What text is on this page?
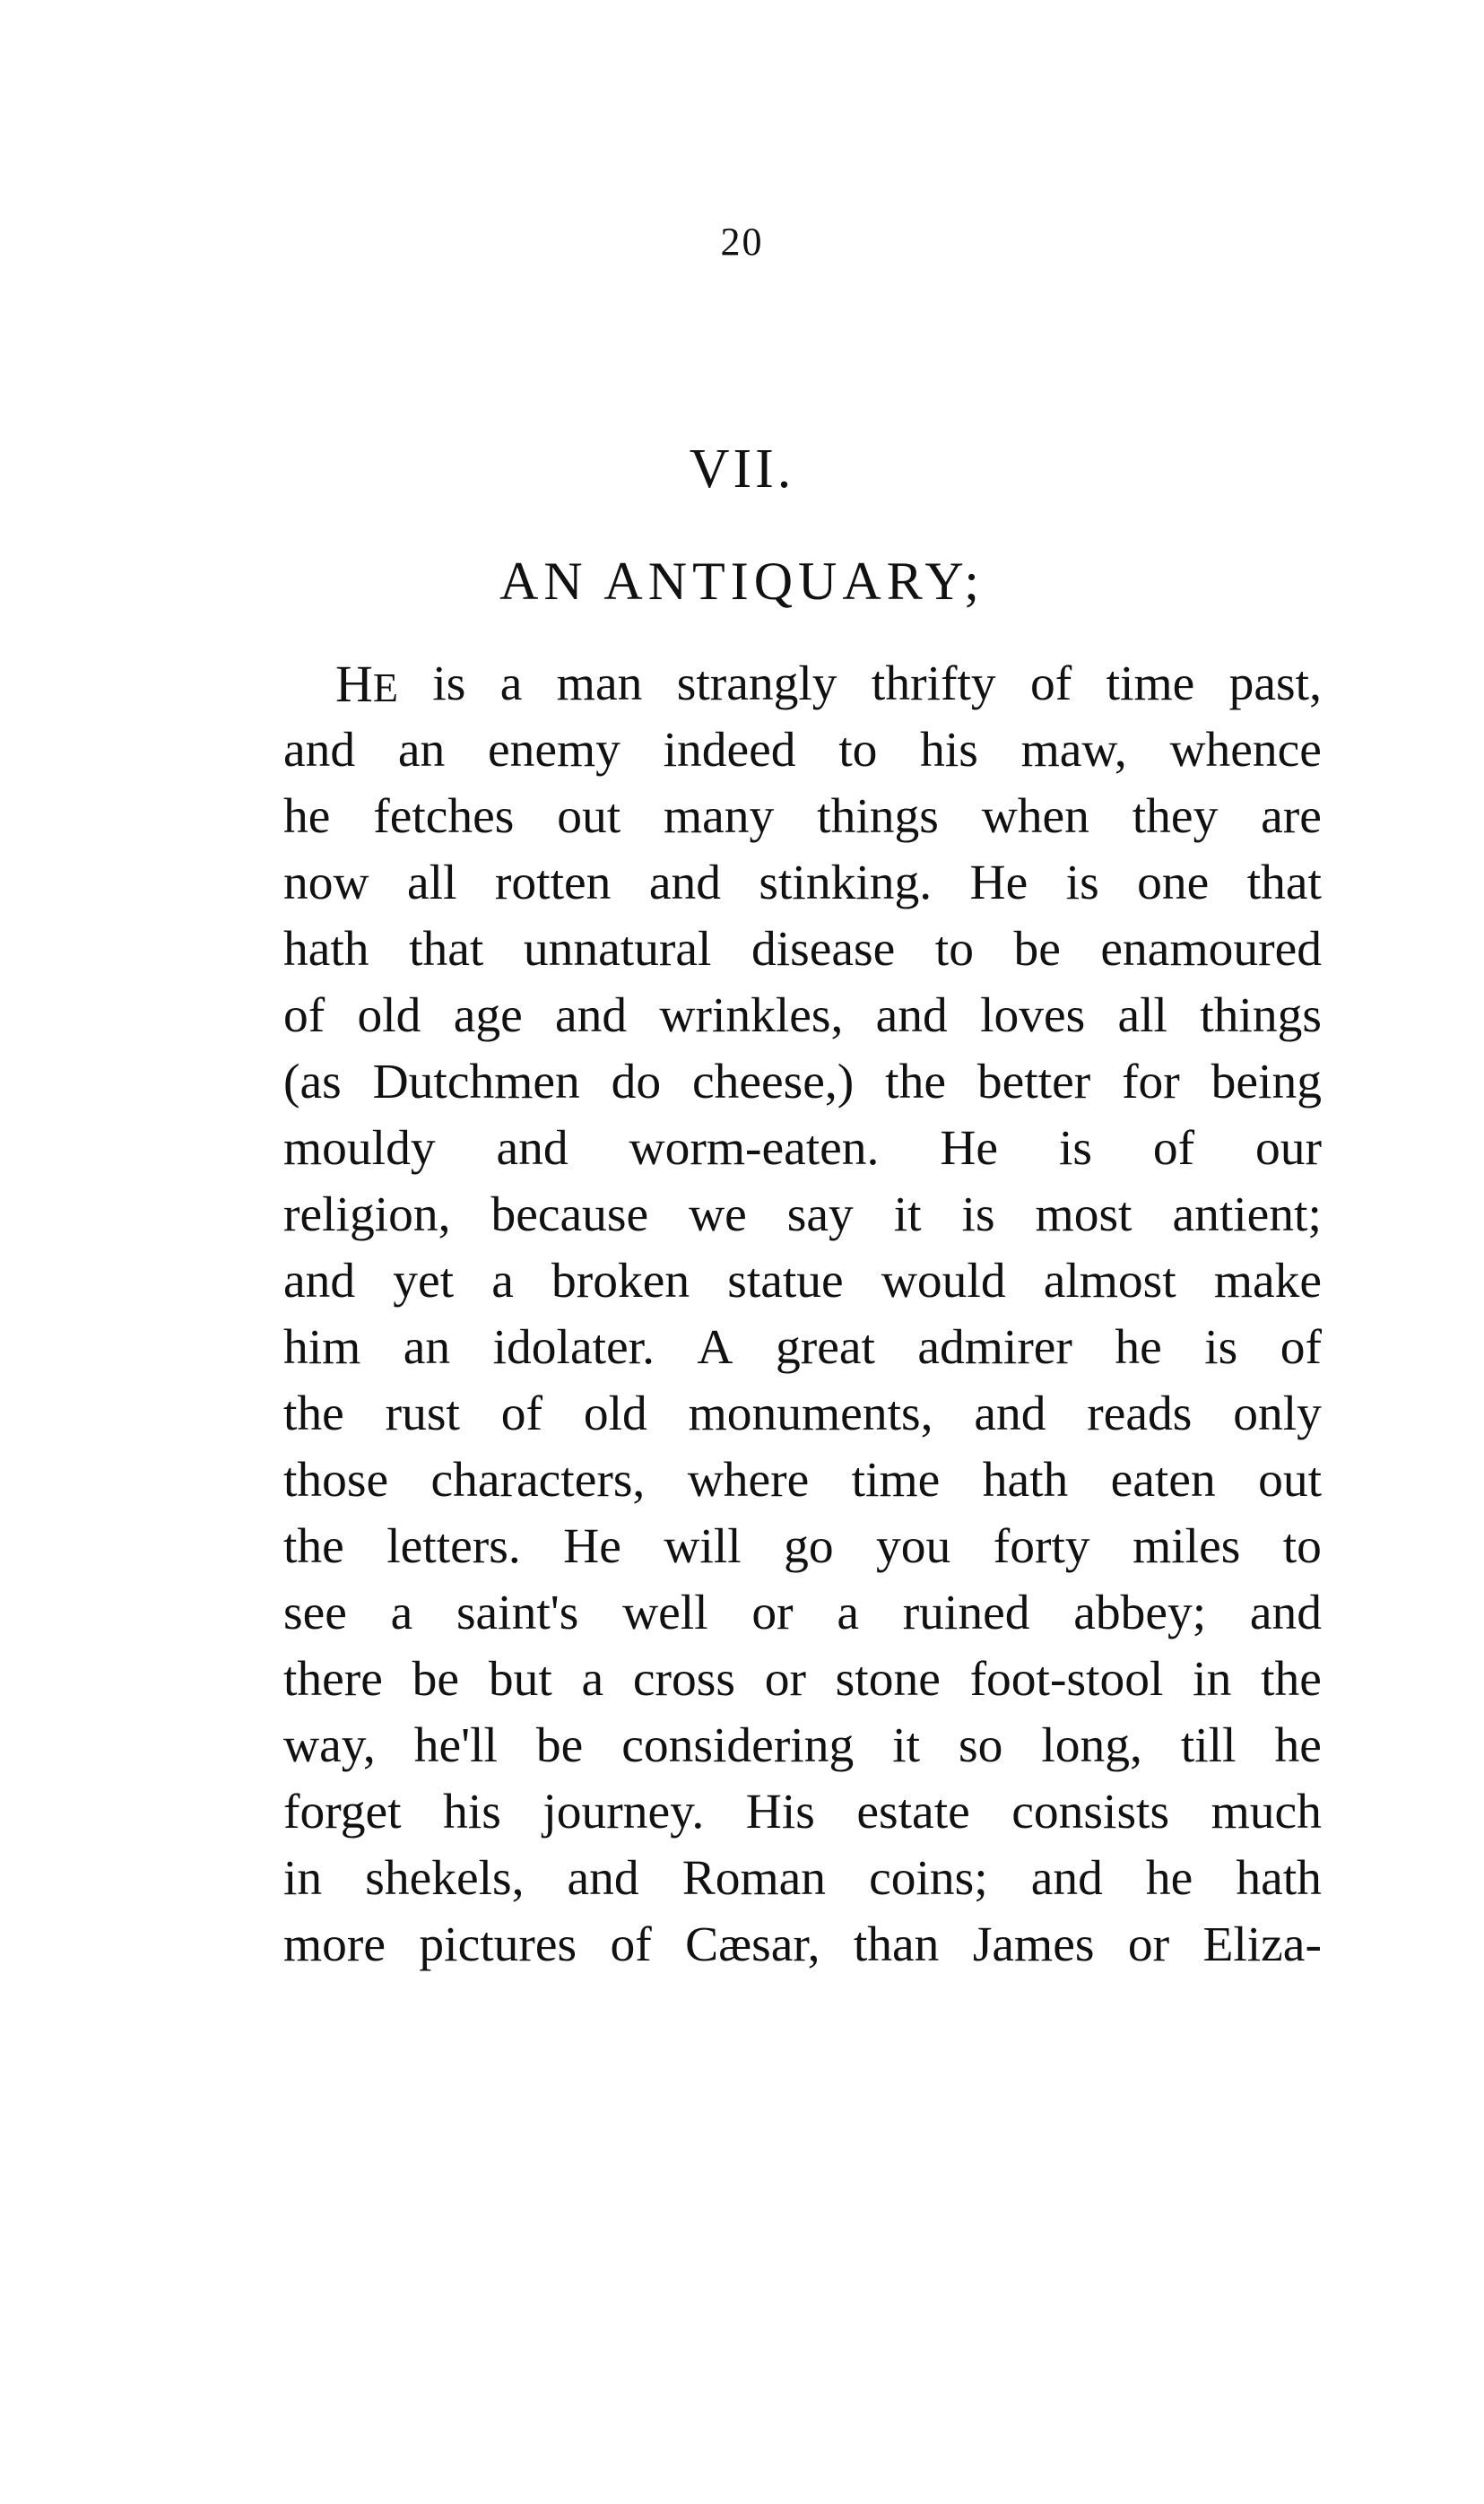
20
VII.
AN ANTIQUARY;
HE is a man strangly thrifty of time past,
and an enemy indeed to his maw, whence
he fetches out many things when they are
now all rotten and stinking. He is one that
hath that unnatural disease to be enamoured
of old age and wrinkles, and loves all things
(as Dutchmen do cheese,) the better for being
mouldy and worm-eaten. He is of our
religion, because we say it is most antient;
and yet a broken statue would almost make
him an idolater. A great admirer he is of
the rust of old monuments, and reads only
those characters, where time hath eaten out
the letters. He will go you forty miles to
see a saint's well or a ruined abbey; and
there be but a cross or stone foot-stool in the
way, he'll be considering it so long, till he
forget his journey. His estate consists much
in shekels, and Roman coins; and he hath
more pictures of Cæsar, than James or Eliza-
